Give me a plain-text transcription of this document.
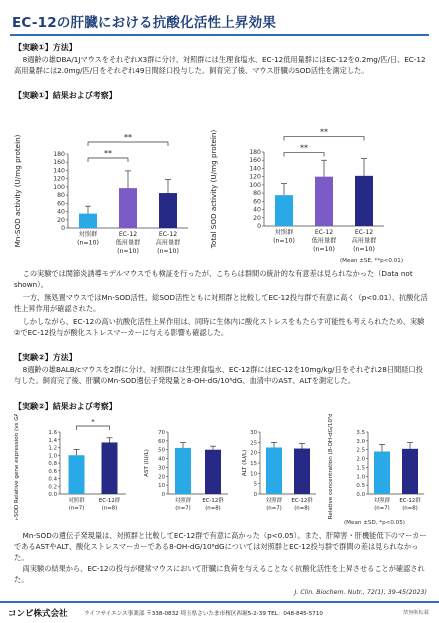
EC-12の肝臓における抗酸化活性上昇効果
【実験①】方法】
8週齢の雄DBA/1JマウスをそれぞれX3群に分け、対照群には生理食塩水、EC-12低用量群にはEC-12を0.2mg/匹/日、EC-12高用量群には2.0mg/匹/日をそれぞれ49日間経口投与した。飼育完了後、マウス肝臓のSOD活性を測定した。
【実験①】結果および考察】
0
20
40
60
80
100
120
140
160
180
Mn-SOD activity (U/mg protein)	対照群
(n=10)
EC-12
低用量群
(n=10)
EC-12
高用量群
(n=10)
**
**
0
20
40
60
80
100
120
140
160
180
Total SOD activity (U/mg protein)	対照群
(n=10)
EC-12
低用量群
(n=10)
EC-12
高用量群
(n=10)
**
**
(Mean ±SE, **p<0.01)
この実験では関節炎誘導モデルマウスでも検証を行ったが、こちらは群間の統計的な有意差は見られなかった（Data not shown）。
一方、無処置マウスではMn-SOD活性、総SOD活性ともに対照群と比較してEC-12投与群で有意に高く（p<0.01）、抗酸化活性上昇作用が確認された。
しかしながら、EC-12の高い抗酸化活性上昇作用は、同時に生体内に酸化ストレスをもたらす可能性も考えられたため、実験②でEC-12投与が酸化ストレスマーカーに与える影響も確認した。
【実験②】方法】
8週齢の雄BALB/cマウスを2群に分け、対照群には生理食塩水、EC-12群にはEC-12を10mg/kg/日をそれぞれ28日間経口投与した。飼育完了後、肝臓のMn-SOD遺伝子発現量と8-OH-dG/10⁶dG、血清中のAST、ALTを測定した。
【実験②】結果および考察】
0.0
0.2
0.4
0.6
0.8
1.0
1.2
1.4
1.6
Mn-SOD Relative gene expression (vs GAPDH)	対照群
(n=7)
EC-12群
(n=8)
*
0
10
20
30
40
50
60
70
AST (IU/L)
対照群
(n=7)
EC-12群
(n=8)
0
5
10
15
20
25
30
ALT (IU/L)
対照群
(n=7)
EC-12群
(n=8)
0.0
0.5
1.0
1.5
2.0
2.5
3.0
3.5
Relative concentration (8-OH-dG/10⁶dG)	対照群
(n=7)
EC-12群
(n=8)
(Mean ±SD, *p<0.05)
Mn-SODの遺伝子発現量は、対照群と比較してEC-12群で有意に高かった（p<0.05）。また、肝障害・肝機能低下のマーカーであるASTやALT、酸化ストレスマーカーである8-OH-dG/10⁶dGについては対照群とEC-12投与群で群間の差は見られなかった。
両実験の結果から、EC-12の投与が健常マウスにおいて肝臓に負荷を与えることなく抗酸化活性を上昇させることが確認された。
J. Clin. Biochem. Nutr., 72(1), 39-45(2023)
コンビ株式会社	ライフサイエンス事業部 〒338-0832 埼玉県さいたま市桜区西堀5-2-39 TEL：048-845-5710	禁無断転載
